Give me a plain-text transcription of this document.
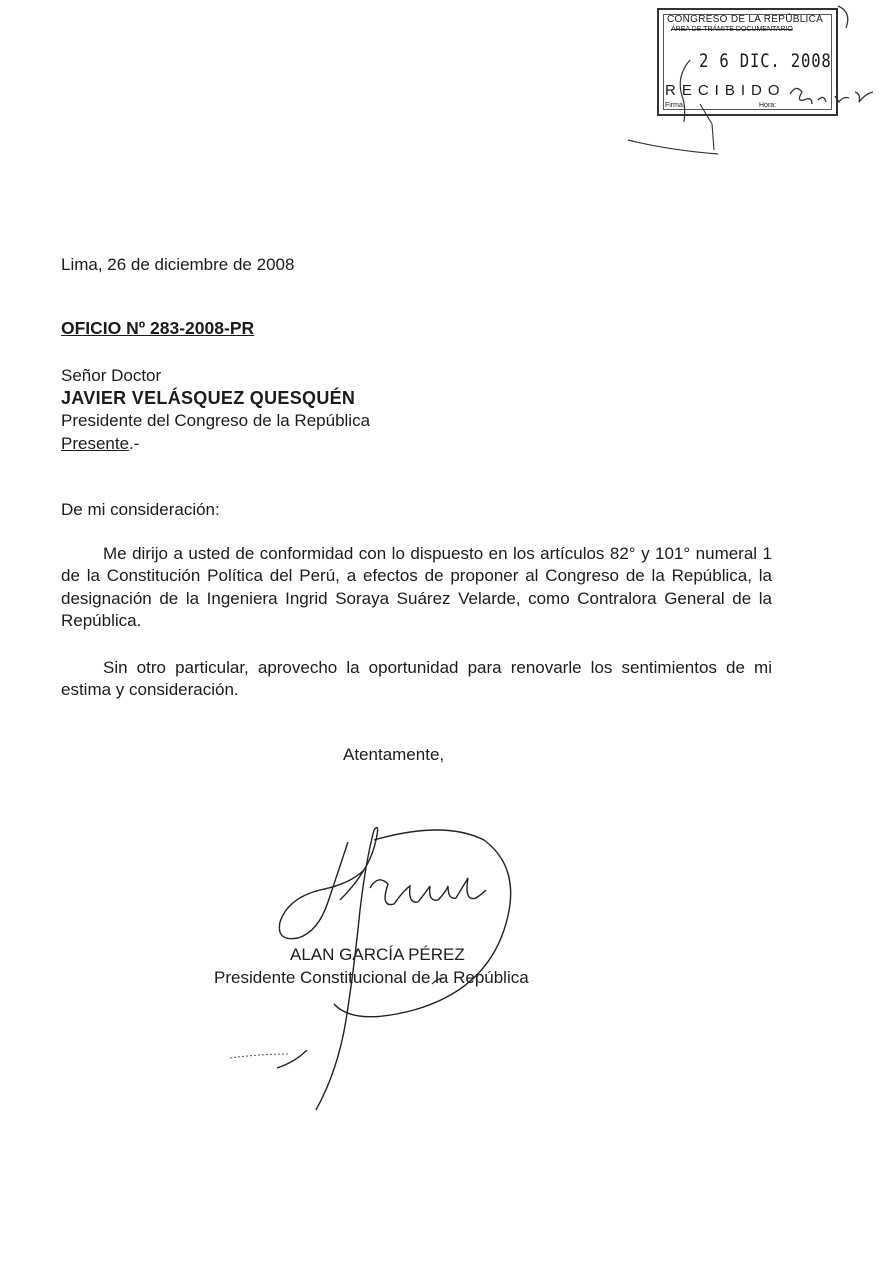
CONGRESO DE LA REPÚBLICA
ÁREA DE TRÁMITE DOCUMENTARIO
2 6 DIC. 2008
RECIBIDO
Firma:	Hora:
Lima, 26 de diciembre de 2008
OFICIO Nº 283-2008-PR
Señor Doctor
JAVIER VELÁSQUEZ QUESQUÉN
Presidente del Congreso de la República
Presente.-
De mi consideración:
Me dirijo a usted de conformidad con lo dispuesto en los artículos 82° y 101° numeral 1 de la Constitución Política del Perú, a efectos de proponer al Congreso de la República, la designación de la Ingeniera Ingrid Soraya Suárez Velarde, como Contralora General de la República.
Sin otro particular, aprovecho la oportunidad para renovarle los sentimientos de mi estima y consideración.
Atentamente,
ALAN GARCÍA PÉREZ
Presidente Constitucional de la República
